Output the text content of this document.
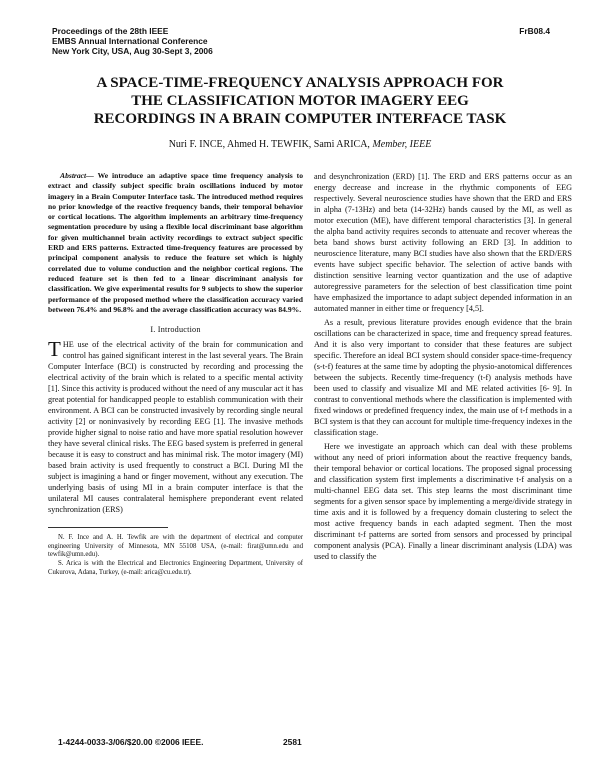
Proceedings of the 28th IEEE
EMBS Annual International Conference
New York City, USA, Aug 30-Sept 3, 2006
FrB08.4
A SPACE-TIME-FREQUENCY ANALYSIS APPROACH FOR
THE CLASSIFICATION MOTOR IMAGERY EEG
RECORDINGS IN A BRAIN COMPUTER INTERFACE TASK
Nuri F. INCE, Ahmed H. TEWFIK, Sami ARICA, Member, IEEE

Abstract— We introduce an adaptive space time frequency analysis to extract and classify subject specific brain oscillations induced by motor imagery in a Brain Computer Interface task. The introduced method requires no prior knowledge of the reactive frequency bands, their temporal behavior or cortical locations. The algorithm implements an arbitrary time-frequency segmentation procedure by using a flexible local discriminant base algorithm for given multichannel brain activity recordings to extract subject specific ERD and ERS patterns. Extracted time-frequency features are processed by principal component analysis to reduce the feature set which is highly correlated due to volume conduction and the neighbor cortical regions. The reduced feature set is then fed to a linear discriminant analysis for classification. We give experimental results for 9 subjects to show the superior performance of the proposed method where the classification accuracy varied between 76.4% and 96.8% and the average classification accuracy was 84.9%.

I. Introduction

THE use of the electrical activity of the brain for communication and control has gained significant interest in the last several years. The Brain Computer Interface (BCI) is constructed by recording and processing the electrical activity of the brain which is related to a specific mental activity [1]. Since this activity is produced without the need of any muscular act it has great potential for handicapped people to establish communication with their environment. A BCI can be constructed invasively by recording single neural activity [2] or noninvasively by recording EEG [1]. The invasive methods provide higher signal to noise ratio and have more spatial resolution however they have several clinical risks. The EEG based system is preferred in general because it is easy to construct and has minimal risk. The motor imagery (MI) based brain activity is used frequently to construct a BCI. During MI the subject is imagining a hand or finger movement, without any execution. The underlying basis of using MI in a brain computer interface is that the unilateral MI causes contralateral hemisphere preponderant event related synchronization (ERS)

N. F. Ince and A. H. Tewfik are with the department of electrical and computer engineering University of Minnesota, MN 55108 USA, (e-mail: firat@umn.edu and tewfik@umn.edu).

S. Arica is with the Electrical and Electronics Engineering Department, University of Cukurova, Adana, Turkey, (e-mail: arica@cu.edu.tr).

and desynchronization (ERD) [1]. The ERD and ERS patterns occur as an energy decrease and increase in the rhythmic components of EEG respectively. Several neuroscience studies have shown that the ERD and ERS in alpha (7-13Hz) and beta (14-32Hz) bands caused by the MI, as well as motor execution (ME), have different temporal characteristics [3]. In general the alpha band activity requires seconds to attenuate and recover whereas the beta band shows burst activity following an ERD [3]. In addition to neuroscience literature, many BCI studies have also shown that the ERD/ERS events have subject specific behavior. The selection of active bands with distinction sensitive learning vector quantization and the use of adaptive autoregressive parameters for the selection of best classification time point have emphasized the importance to adapt subject depended information in an automated manner in either time or frequency [4,5].

As a result, previous literature provides enough evidence that the brain oscillations can be characterized in space, time and frequency spread features. And it is also very important to consider that these features are subject specific. Therefore an ideal BCI system should consider space-time-frequency (s-t-f) features at the same time by adopting the physio-anotomical differences between the subjects. Recently time-frequency (t-f) analysis methods have been used to classify and visualize MI and ME related activities [6- 9]. In contrast to conventional methods where the classification is implemented with fixed windows or predefined frequency index, the main use of t-f methods in a BCI system is that they can account for multiple time-frequency indexes in the classification stage.

Here we investigate an approach which can deal with these problems without any need of priori information about the reactive frequency bands, their temporal behavior or cortical locations. The proposed signal processing and classification system first implements a discriminative t-f analysis on a multi-channel EEG data set. This step learns the most discriminant time segments for a given sensor space by implementing a merge/divide strategy in time axis and it is followed by a frequency domain clustering to select the most active frequency bands in each adapted segment. Then the most discriminant t-f patterns are sorted from sensors and processed by principal component analysis (PCA). Finally a linear discriminant analysis (LDA) was used to classify the

1-4244-0033-3/06/$20.00 ©2006 IEEE.	2581
